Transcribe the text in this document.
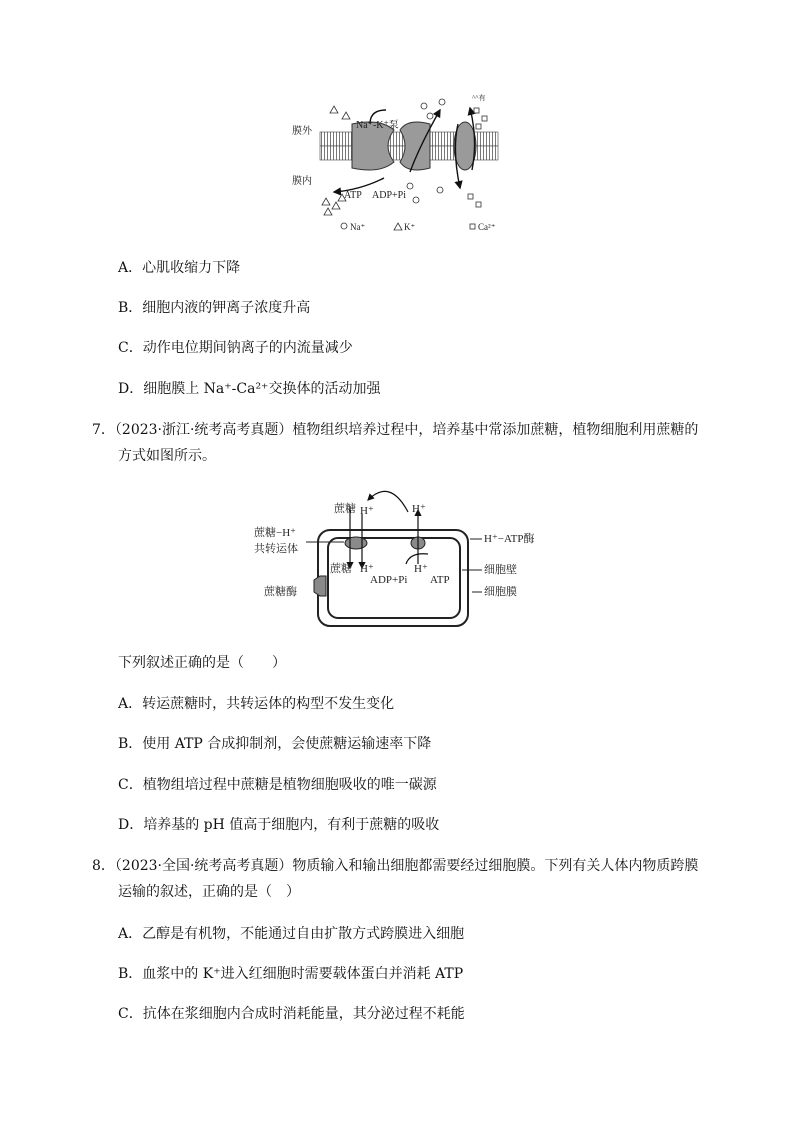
膜外
膜内
Na⁺-K⁺泵
ATP ADP+Pi
^^有
Na⁺	K⁺	Ca²⁺
A．心肌收缩力下降
B．细胞内液的钾离子浓度升高
C．动作电位期间钠离子的内流量减少
D．细胞膜上 Na⁺-Ca²⁺交换体的活动加强
7．（2023·浙江·统考高考真题）植物组织培养过程中，培养基中常添加蔗糖，植物细胞利用蔗糖的
方式如图所示。
蔗糖 H⁺	H⁺
蔗糖−H⁺
共转运体
H⁺−ATP酶
蔗糖 H⁺	H⁺
ADP+Pi ATP
细胞壁
蔗糖酶	细胞膜
下列叙述正确的是（　　）
A．转运蔗糖时，共转运体的构型不发生变化
B．使用 ATP 合成抑制剂，会使蔗糖运输速率下降
C．植物组培过程中蔗糖是植物细胞吸收的唯一碳源
D．培养基的 pH 值高于细胞内，有利于蔗糖的吸收
8．（2023·全国·统考高考真题）物质输入和输出细胞都需要经过细胞膜。下列有关人体内物质跨膜
运输的叙述，正确的是（　）
A．乙醇是有机物，不能通过自由扩散方式跨膜进入细胞
B．血浆中的 K⁺进入红细胞时需要载体蛋白并消耗 ATP
C．抗体在浆细胞内合成时消耗能量，其分泌过程不耗能
